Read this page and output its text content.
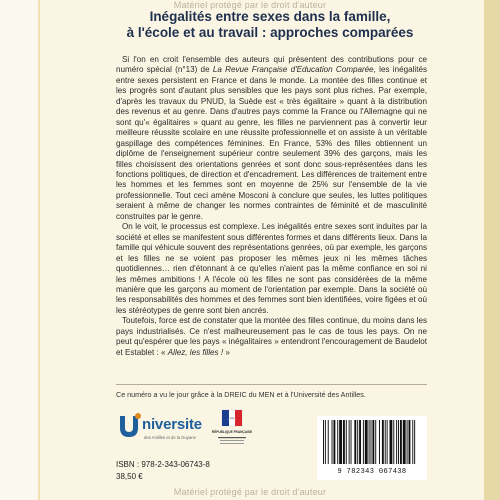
Matériel protégé par le droit d'auteur
Inégalités entre sexes dans la famille,
à l'école et au travail : approches comparées

Si l'on en croit l'ensemble des auteurs qui présentent des contributions pour ce numéro spécial (n°13) de La Revue Française d'Education Comparée, les inégalités entre sexes persistent en France et dans le monde. La montée des filles continue et les progrès sont d'autant plus sensibles que les pays sont plus riches. Par exemple, d'après les travaux du PNUD, la Suède est « très égalitaire » quant à la distribution des revenus et au genre. Dans d'autres pays comme la France ou l'Allemagne qui ne sont qu'« égalitaires » quant au genre, les filles ne parviennent pas à convertir leur meilleure réussite scolaire en une réussite professionnelle et on assiste à un véritable gaspillage des compétences féminines. En France, 53% des filles obtiennent un diplôme de l'enseignement supérieur contre seulement 39% des garçons, mais les filles choisissent des orientations genrées et sont donc sous-représentées dans les fonctions politiques, de direction et d'encadrement. Les différences de traitement entre les hommes et les femmes sont en moyenne de 25% sur l'ensemble de la vie professionnelle. Tout ceci amène Mosconi à conclure que seules, les luttes politiques seraient à même de changer les normes contraintes de féminité et de masculinité construites par le genre.

On le voit, le processus est complexe. Les inégalités entre sexes sont induites par la société et elles se manifestent sous différentes formes et dans différents lieux. Dans la famille qui véhicule souvent des représentations genrées, où par exemple, les garçons et les filles ne se voient pas proposer les mêmes jeux ni les mêmes tâches quotidiennes… rien d'étonnant à ce qu'elles n'aient pas la même confiance en soi ni les mêmes ambitions ! A l'école où les filles ne sont pas considérées de la même manière que les garçons au moment de l'orientation par exemple. Dans la société où les responsabilités des hommes et des femmes sont bien identifiées, voire figées et où les stéréotypes de genre sont bien ancrés.

Toutefois, force est de constater que la montée des filles continue, du moins dans les pays industrialisés. Ce n'est malheureusement pas le cas de tous les pays. On ne peut qu'espérer que les pays « inégalitaires » entendront l'encouragement de Baudelot et Establet : « Allez, les filles ! »

Ce numéro a vu le jour grâce à la DREIC du MEN et à l'Université des Antilles.
niversite
des Antilles et de la Guyane
RÉPUBLIQUE FRANÇAISE
ISBN : 978-2-343-06743-8
38,50 €	9 782343 067438
Matériel protégé par le droit d'auteur
